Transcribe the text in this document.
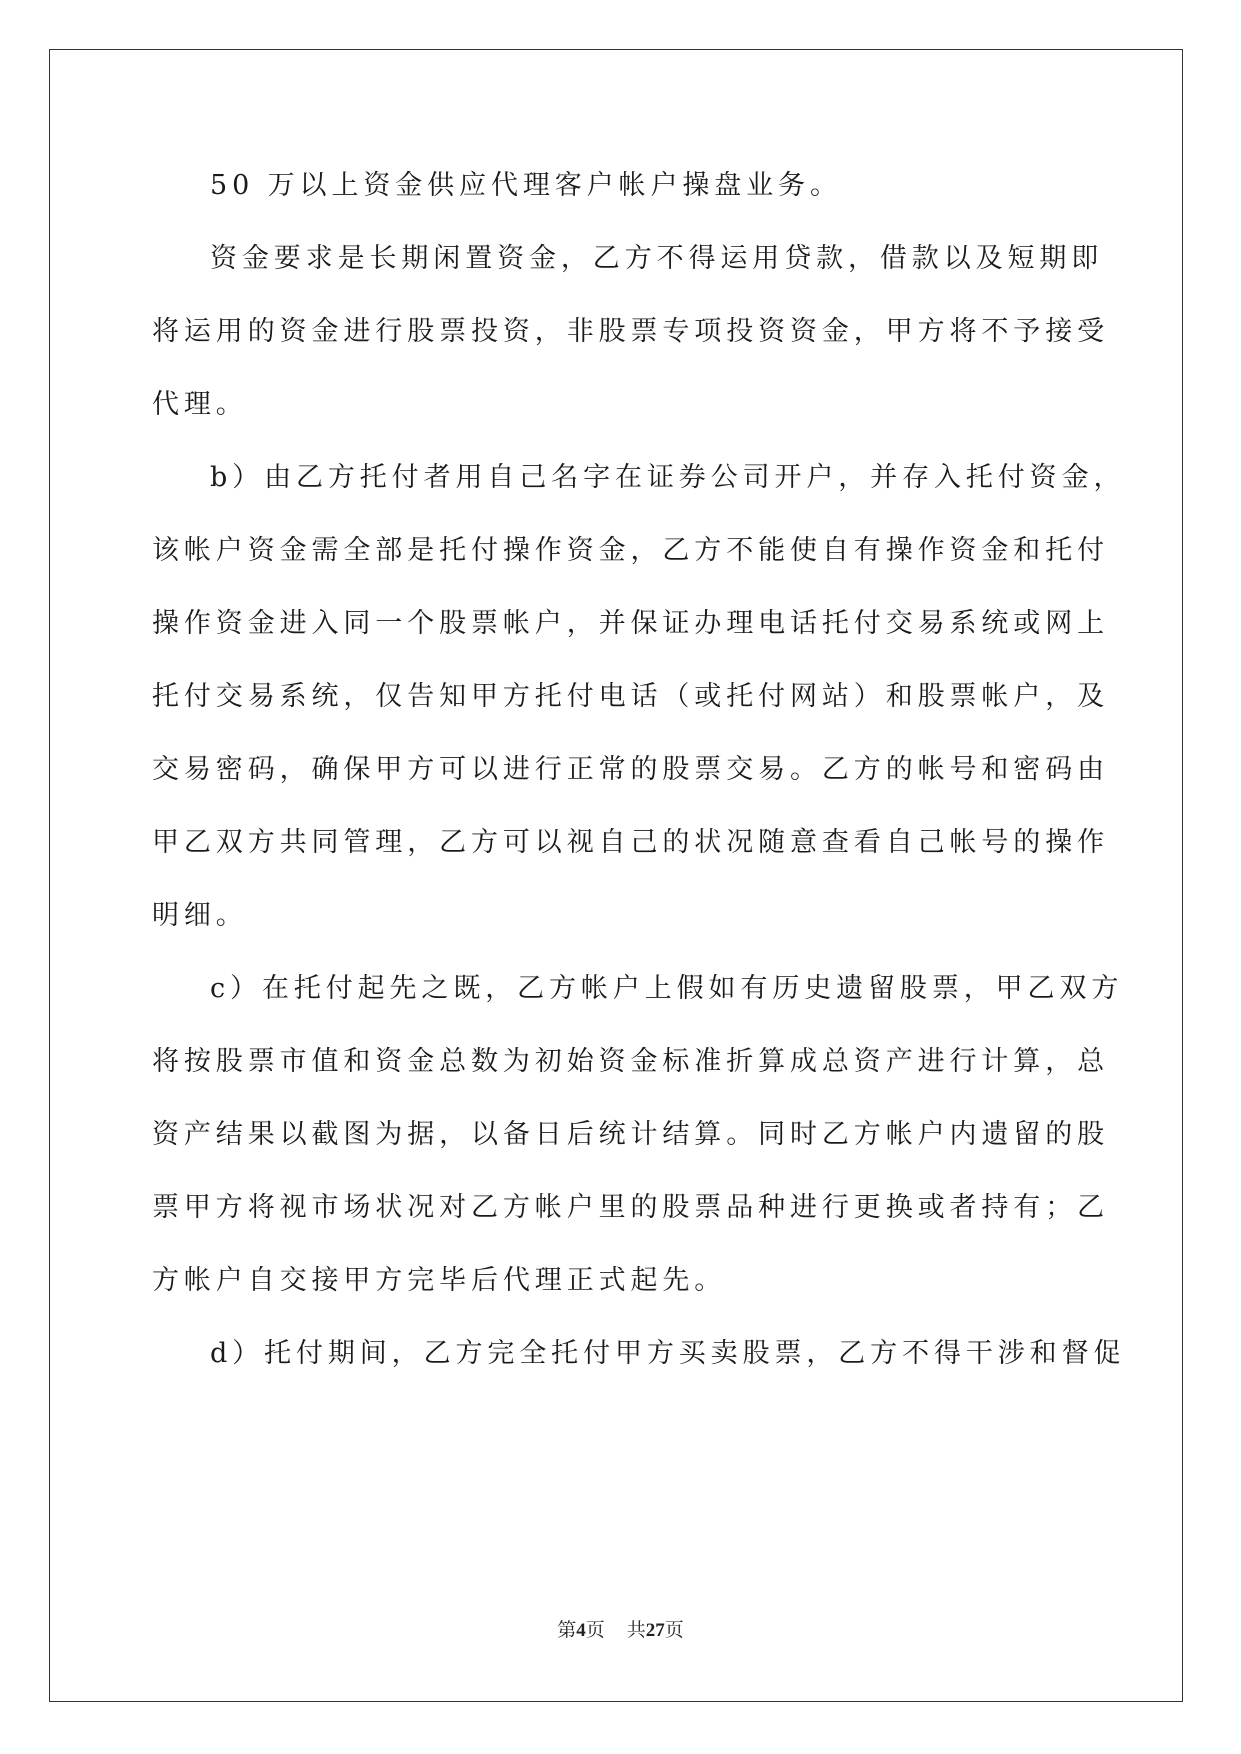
50 万以上资金供应代理客户帐户操盘业务。
资金要求是长期闲置资金，乙方不得运用贷款，借款以及短期即
将运用的资金进行股票投资，非股票专项投资资金，甲方将不予接受
代理。
b）由乙方托付者用自己名字在证券公司开户，并存入托付资金，
该帐户资金需全部是托付操作资金，乙方不能使自有操作资金和托付
操作资金进入同一个股票帐户，并保证办理电话托付交易系统或网上
托付交易系统，仅告知甲方托付电话（或托付网站）和股票帐户，及
交易密码，确保甲方可以进行正常的股票交易。乙方的帐号和密码由
甲乙双方共同管理，乙方可以视自己的状况随意查看自己帐号的操作
明细。
c）在托付起先之既，乙方帐户上假如有历史遗留股票，甲乙双方
将按股票市值和资金总数为初始资金标准折算成总资产进行计算，总
资产结果以截图为据，以备日后统计结算。同时乙方帐户内遗留的股
票甲方将视市场状况对乙方帐户里的股票品种进行更换或者持有；乙
方帐户自交接甲方完毕后代理正式起先。
d）托付期间，乙方完全托付甲方买卖股票，乙方不得干涉和督促
第4页 共27页
